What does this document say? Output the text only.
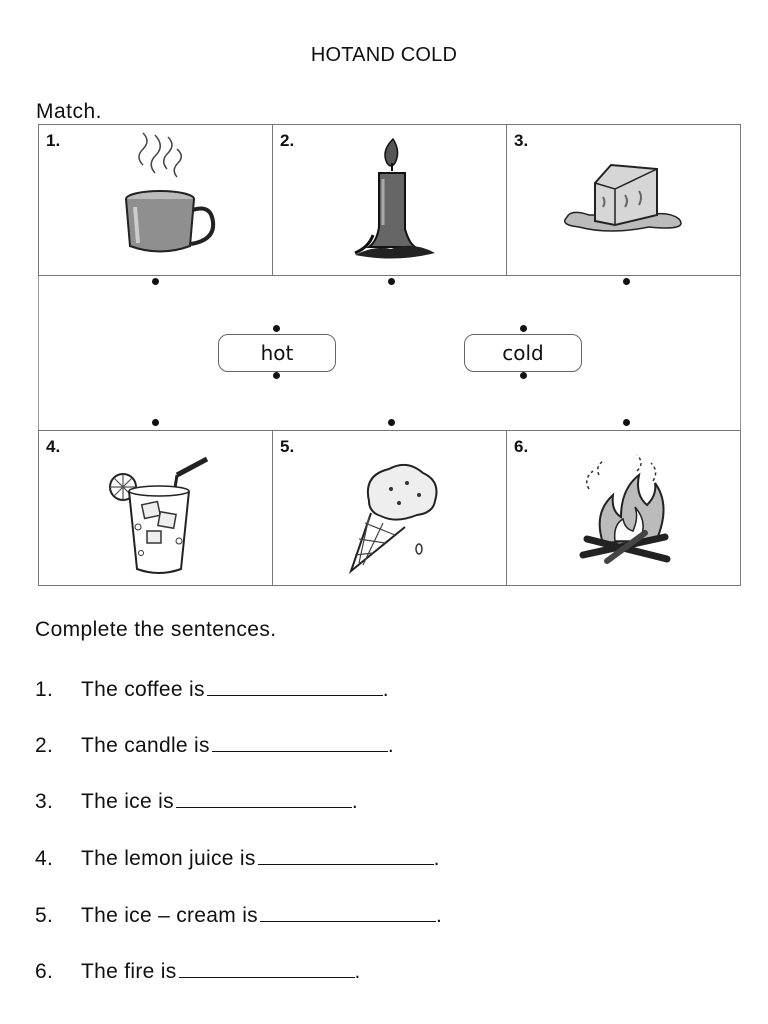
HOTAND COLD
Match.
1.	2.	3.
hot	cold
4.	5.	6.
Complete the sentences.
1. The coffee is	.
2. The candle is	.
3. The ice is	.
4. The lemon juice is	.
5. The ice – cream is	.
6. The fire is	.
